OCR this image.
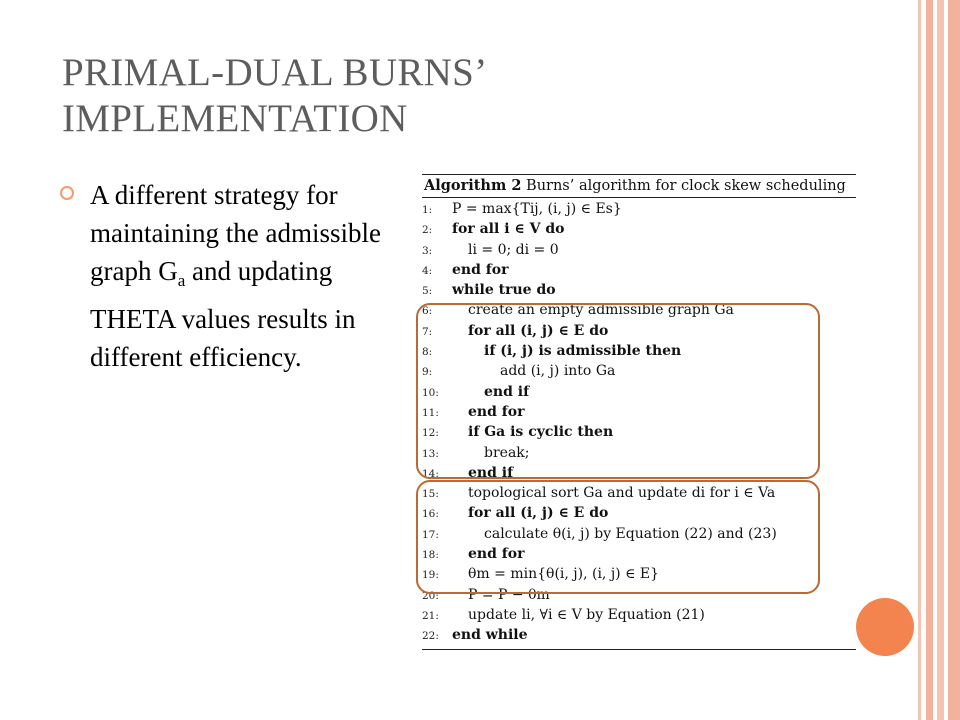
PRIMAL-DUAL BURNS’
IMPLEMENTATION
A different strategy for maintaining the admissible graph $G_a$ and updating THETA values results in different efficiency.
Algorithm 2 Burns’ algorithm for clock skew scheduling
1: P = max{Tij, (i, j) ∈ Es}
2: for all i ∈ V do
3:	li = 0; di = 0
4: end for
5: while true do
6:	create an empty admissible graph Ga
7:	for all (i, j) ∈ E do
8:	if (i, j) is admissible then
9:	add (i, j) into Ga
10:	end if
11: end for
12: if Ga is cyclic then
13:	break;
14: end if
15: topological sort Ga and update di for i ∈ Va
16: for all (i, j) ∈ E do
17:	calculate θ(i, j) by Equation (22) and (23)
18: end for
19: θm = min{θ(i, j), (i, j) ∈ E}
20: P = P − θm
21: update li, ∀i ∈ V by Equation (21)
22: end while
